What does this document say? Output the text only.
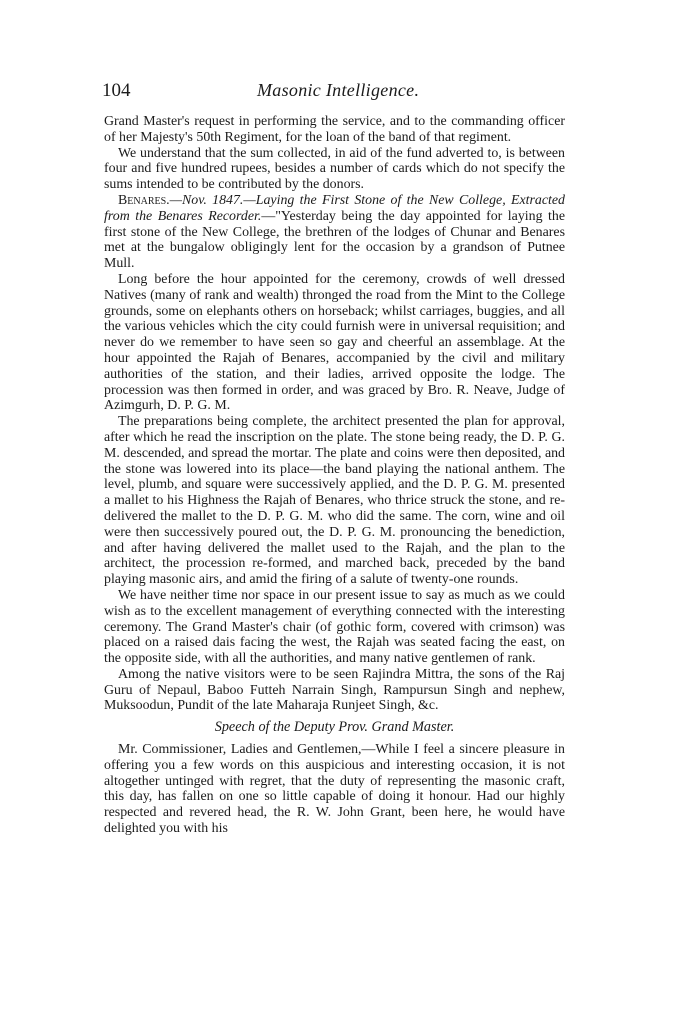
104	Masonic Intelligence.

Grand Master's request in performing the service, and to the commanding officer of her Majesty's 50th Regiment, for the loan of the band of that regiment.

We understand that the sum collected, in aid of the fund adverted to, is between four and five hundred rupees, besides a number of cards which do not specify the sums intended to be contributed by the donors.

Benares.—Nov. 1847.—Laying the First Stone of the New College, Extracted from the Benares Recorder.—"Yesterday being the day appointed for laying the first stone of the New College, the brethren of the lodges of Chunar and Benares met at the bungalow obligingly lent for the occasion by a grandson of Putnee Mull.

Long before the hour appointed for the ceremony, crowds of well dressed Natives (many of rank and wealth) thronged the road from the Mint to the College grounds, some on elephants others on horseback; whilst carriages, buggies, and all the various vehicles which the city could furnish were in universal requisition; and never do we remember to have seen so gay and cheerful an assemblage. At the hour appointed the Rajah of Benares, accompanied by the civil and military authorities of the station, and their ladies, arrived opposite the lodge. The procession was then formed in order, and was graced by Bro. R. Neave, Judge of Azimgurh, D. P. G. M.

The preparations being complete, the architect presented the plan for approval, after which he read the inscription on the plate. The stone being ready, the D. P. G. M. descended, and spread the mortar. The plate and coins were then deposited, and the stone was lowered into its place—the band playing the national anthem. The level, plumb, and square were successively applied, and the D. P. G. M. presented a mallet to his Highness the Rajah of Benares, who thrice struck the stone, and re-delivered the mallet to the D. P. G. M. who did the same. The corn, wine and oil were then successively poured out, the D. P. G. M. pronouncing the benediction, and after having delivered the mallet used to the Rajah, and the plan to the architect, the procession re-formed, and marched back, preceded by the band playing masonic airs, and amid the firing of a salute of twenty-one rounds.

We have neither time nor space in our present issue to say as much as we could wish as to the excellent management of everything connected with the interesting ceremony. The Grand Master's chair (of gothic form, covered with crimson) was placed on a raised dais facing the west, the Rajah was seated facing the east, on the opposite side, with all the authorities, and many native gentlemen of rank.

Among the native visitors were to be seen Rajindra Mittra, the sons of the Raj Guru of Nepaul, Baboo Futteh Narrain Singh, Rampursun Singh and nephew, Muksoodun, Pundit of the late Maharaja Runjeet Singh, &c.

Speech of the Deputy Prov. Grand Master.

Mr. Commissioner, Ladies and Gentlemen,—While I feel a sincere pleasure in offering you a few words on this auspicious and interesting occasion, it is not altogether untinged with regret, that the duty of representing the masonic craft, this day, has fallen on one so little capable of doing it honour. Had our highly respected and revered head, the R. W. John Grant, been here, he would have delighted you with his
